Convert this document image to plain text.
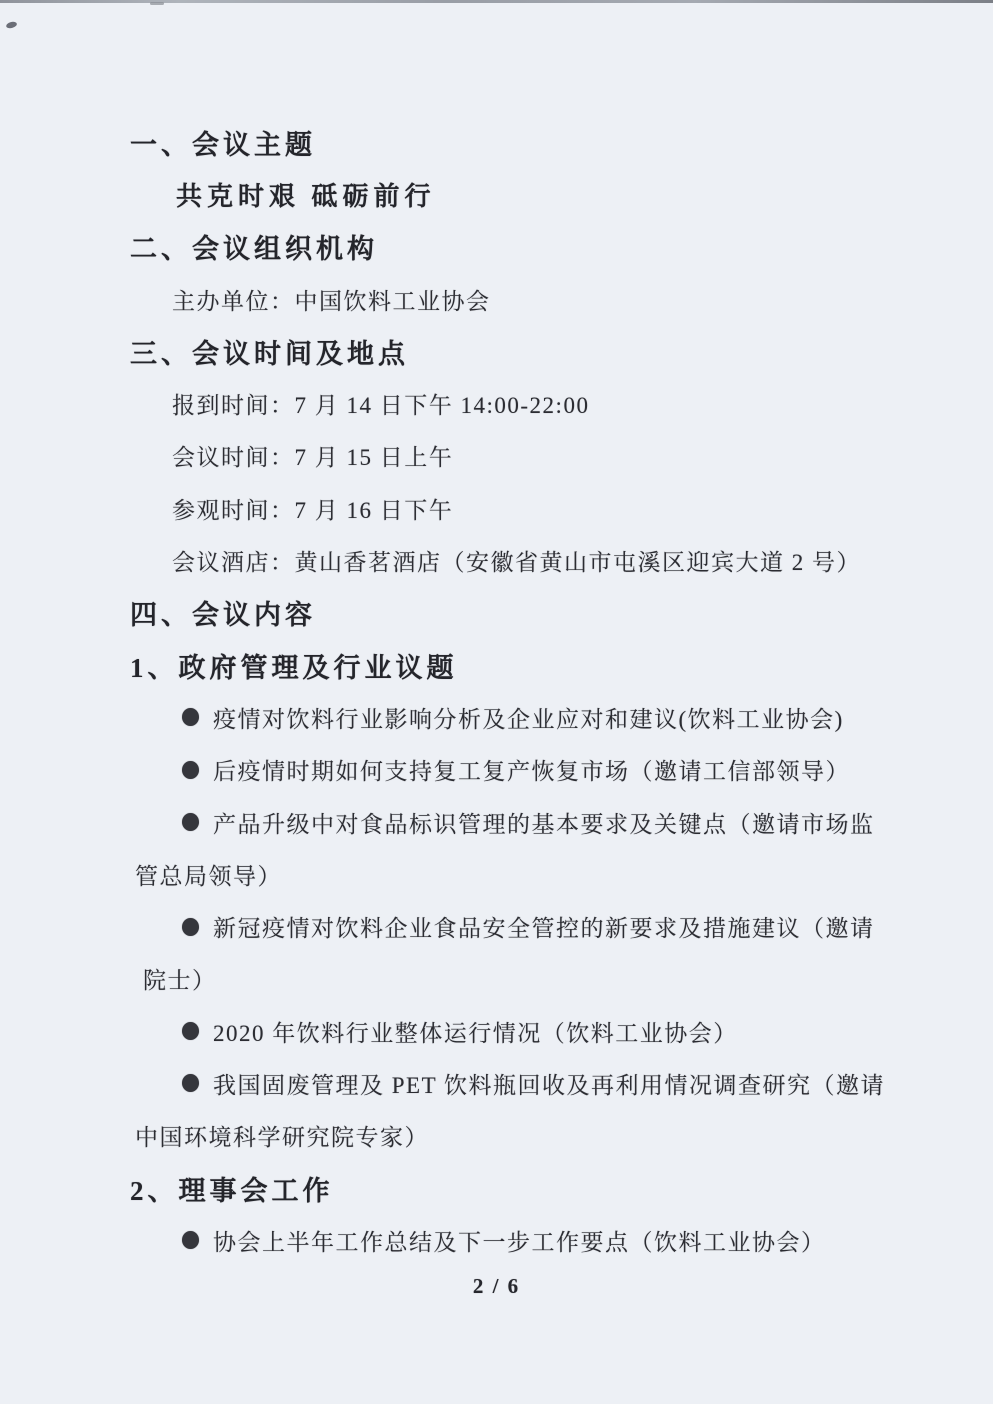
一、会议主题
共克时艰 砥砺前行
二、会议组织机构
主办单位：中国饮料工业协会
三、会议时间及地点
报到时间：7 月 14 日下午 14:00-22:00
会议时间：7 月 15 日上午
参观时间：7 月 16 日下午
会议酒店：黄山香茗酒店（安徽省黄山市屯溪区迎宾大道 2 号）
四、会议内容
1、政府管理及行业议题
疫情对饮料行业影响分析及企业应对和建议(饮料工业协会)
后疫情时期如何支持复工复产恢复市场（邀请工信部领导）
产品升级中对食品标识管理的基本要求及关键点（邀请市场监
管总局领导）
新冠疫情对饮料企业食品安全管控的新要求及措施建议（邀请
院士）
2020 年饮料行业整体运行情况（饮料工业协会）
我国固废管理及 PET 饮料瓶回收及再利用情况调查研究（邀请
中国环境科学研究院专家）
2、理事会工作
协会上半年工作总结及下一步工作要点（饮料工业协会）
2 / 6
